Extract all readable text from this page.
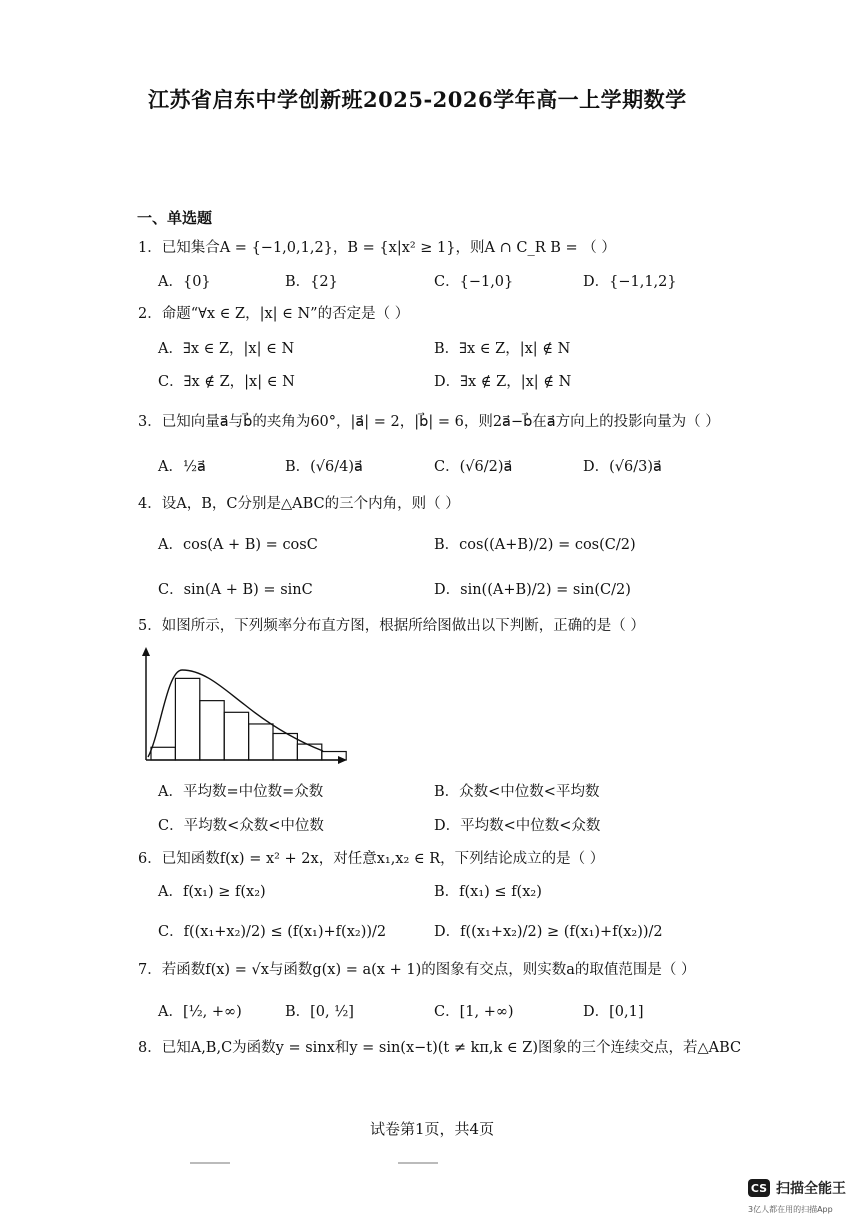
江苏省启东中学创新班2025-2026学年高一上学期数学
一、单选题
1．已知集合A = {−1,0,1,2}，B = {x|x² ≥ 1}，则A ∩ C_R B = （ ）
A．{0}	B．{2}	C．{−1,0}	D．{−1,1,2}
2．命题“∀x ∈ Z，|x| ∈ N”的否定是（ ）
A．∃x ∈ Z，|x| ∈ N	B．∃x ∈ Z，|x| ∉ N
C．∃x ∉ Z，|x| ∈ N	D．∃x ∉ Z，|x| ∉ N
3．已知向量a⃗与b⃗的夹角为60°，|a⃗| = 2，|b⃗| = 6，则2a⃗−b⃗在a⃗方向上的投影向量为（ ）
A．½a⃗	B．(√6/4)a⃗	C．(√6/2)a⃗	D．(√6/3)a⃗
4．设A，B，C分别是△ABC的三个内角，则（ ）
A．cos(A + B) = cosC	B．cos((A+B)/2) = cos(C/2)
C．sin(A + B) = sinC	D．sin((A+B)/2) = sin(C/2)
5．如图所示，下列频率分布直方图，根据所给图做出以下判断，正确的是（ ）
A．平均数=中位数=众数	B．众数<中位数<平均数
C．平均数<众数<中位数	D．平均数<中位数<众数
6．已知函数f(x) = x² + 2x，对任意x₁,x₂ ∈ R，下列结论成立的是（ ）
A．f(x₁) ≥ f(x₂)	B．f(x₁) ≤ f(x₂)
C．f((x₁+x₂)/2) ≤ (f(x₁)+f(x₂))/2	D．f((x₁+x₂)/2) ≥ (f(x₁)+f(x₂))/2
7．若函数f(x) = √x与函数g(x) = a(x + 1)的图象有交点，则实数a的取值范围是（ ）
A．[½, +∞)	B．[0, ½]	C．[1, +∞)	D．[0,1]
8．已知A,B,C为函数y = sinx和y = sin(x−t)(t ≠ kπ,k ∈ Z)图象的三个连续交点，若△ABC
试卷第1页，共4页
CS 扫描全能王
3亿人都在用的扫描App
